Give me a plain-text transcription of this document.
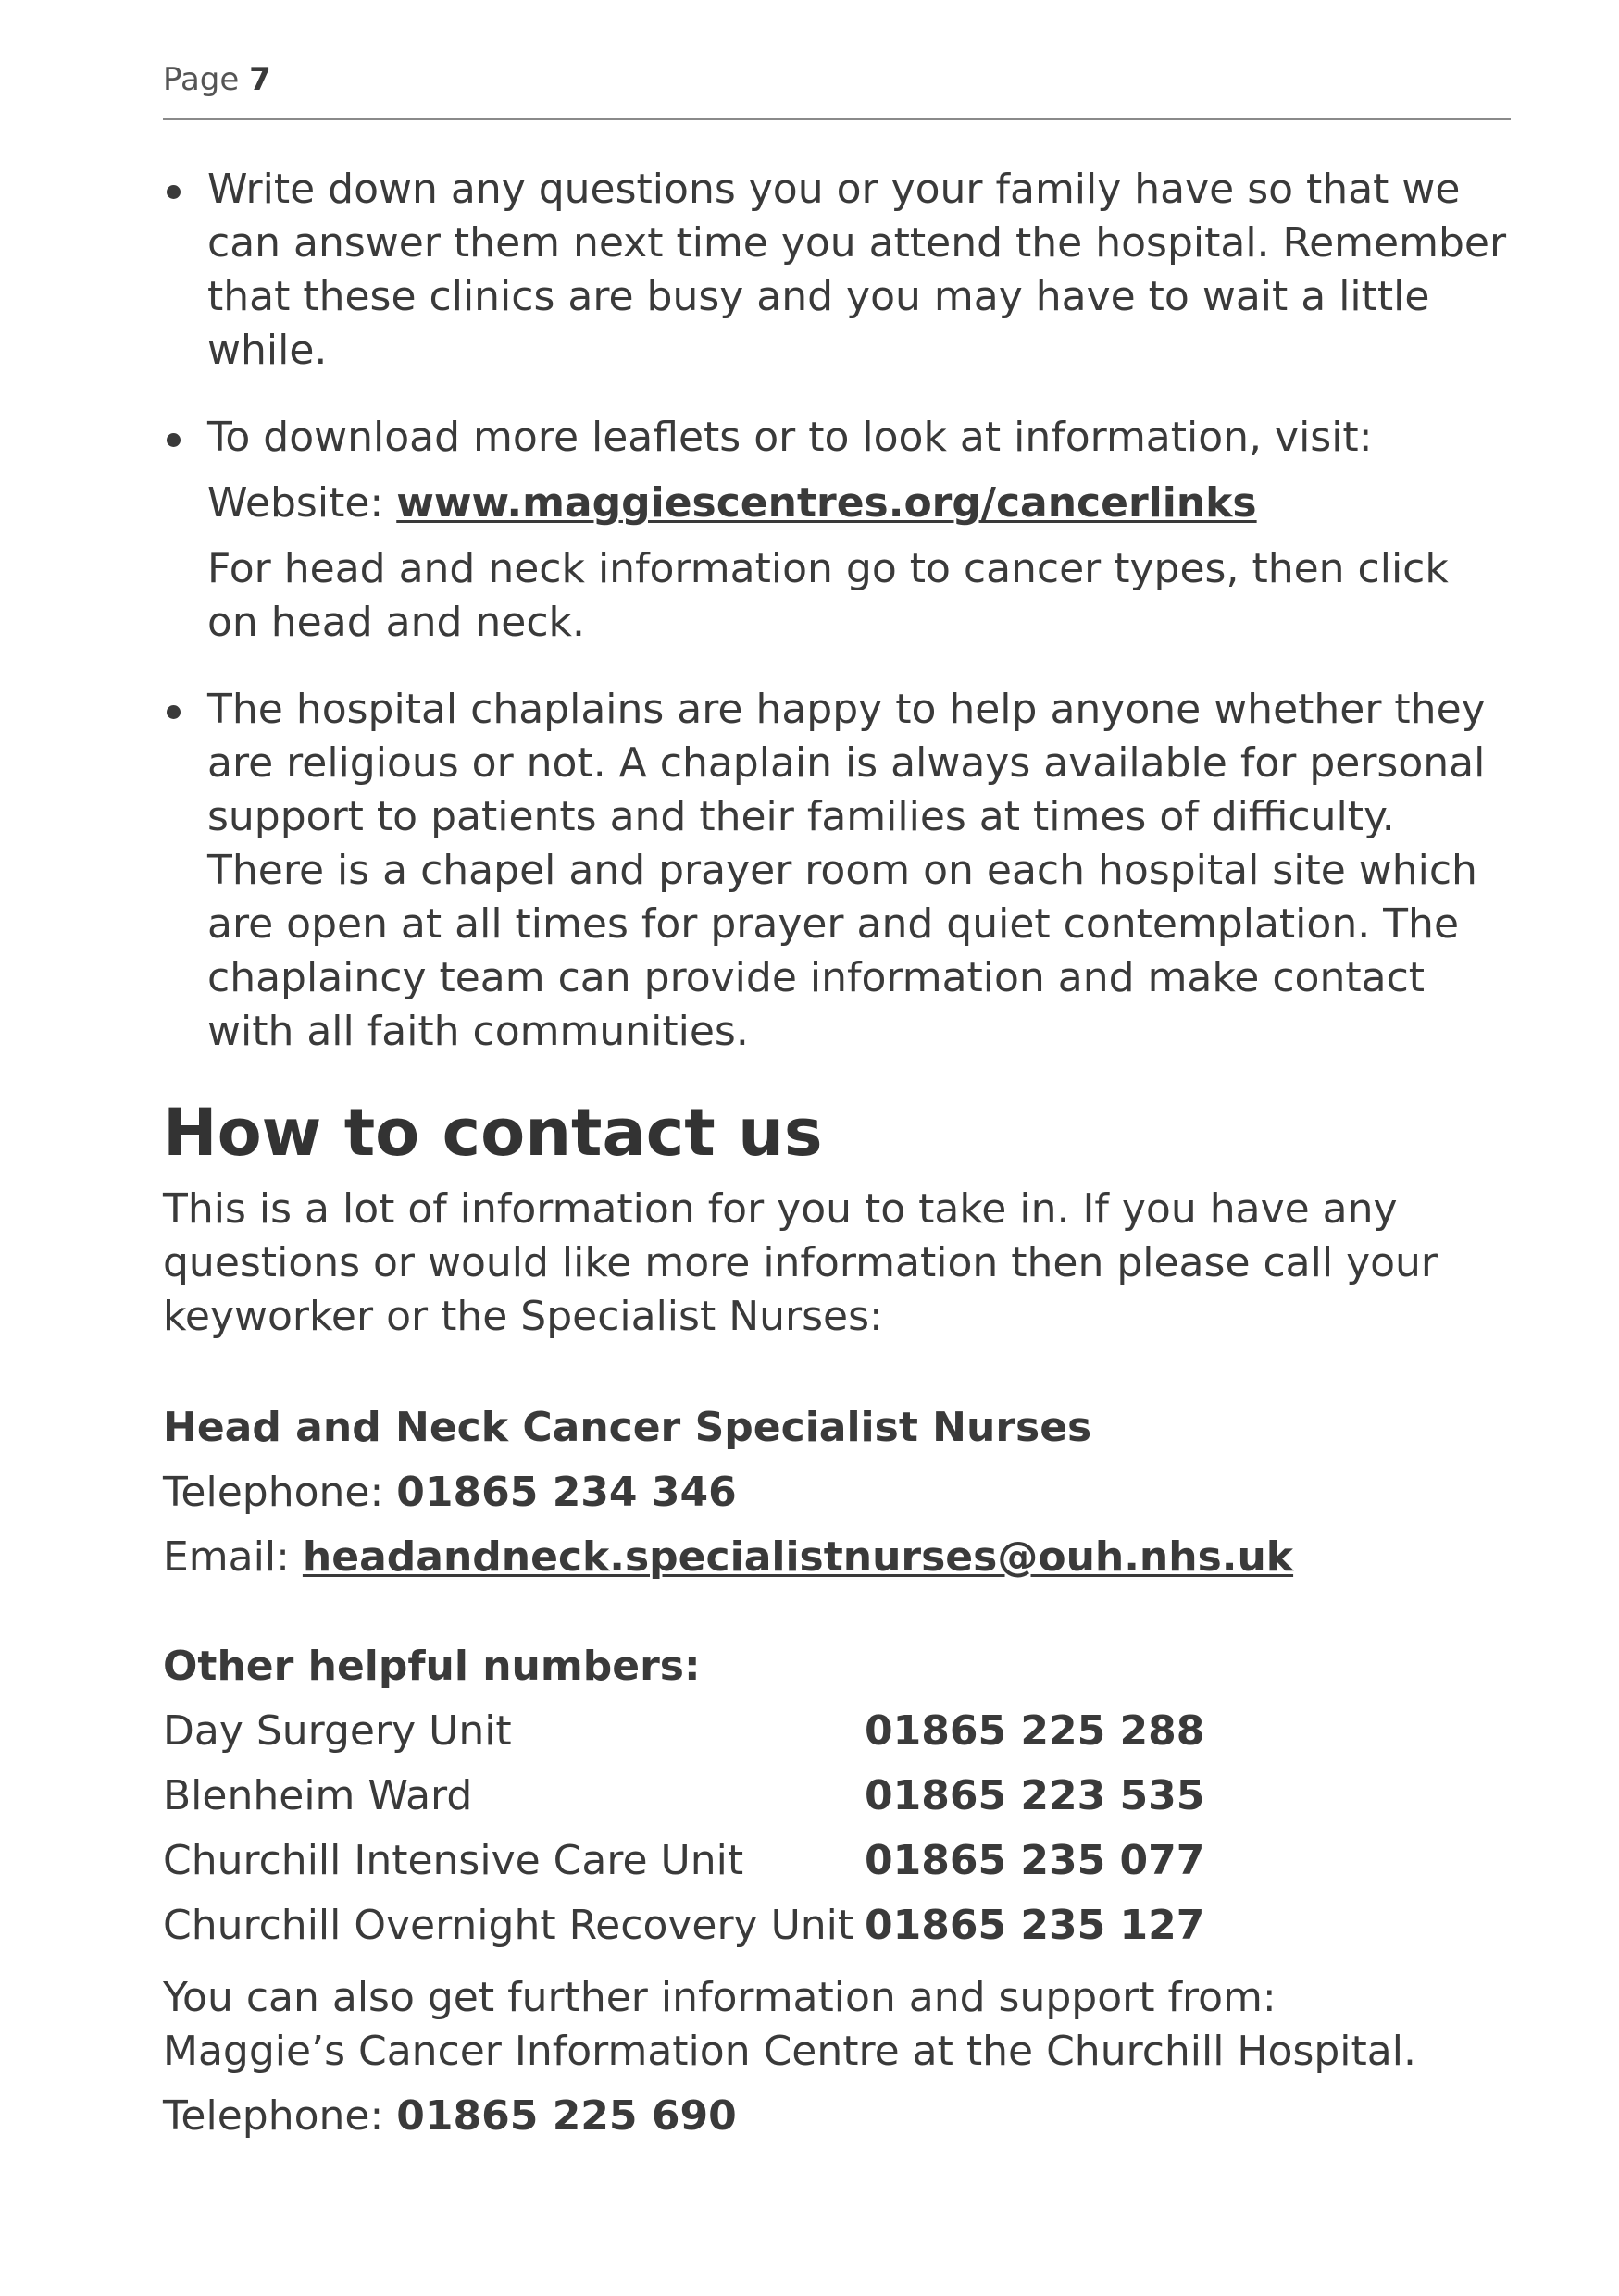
Page 7

Write down any questions you or your family have so that we can answer them next time you attend the hospital. Remember that these clinics are busy and you may have to wait a little while.

To download more leaflets or to look at information, visit:

Website: www.maggiescentres.org/cancerlinks

For head and neck information go to cancer types, then click on head and neck.

The hospital chaplains are happy to help anyone whether they are religious or not. A chaplain is always available for personal support to patients and their families at times of difficulty. There is a chapel and prayer room on each hospital site which are open at all times for prayer and quiet contemplation. The chaplaincy team can provide information and make contact with all faith communities.

How to contact us

This is a lot of information for you to take in. If you have any questions or would like more information then please call your keyworker or the Specialist Nurses:

Head and Neck Cancer Specialist Nurses

Telephone: 01865 234 346

Email: headandneck.specialistnurses@ouh.nhs.uk

Other helpful numbers:

Day Surgery Unit	01865 225 288
Blenheim Ward	01865 223 535
Churchill Intensive Care Unit	01865 235 077
Churchill Overnight Recovery Unit 01865 235 127

You can also get further information and support from:
Maggie’s Cancer Information Centre at the Churchill Hospital.

Telephone: 01865 225 690
